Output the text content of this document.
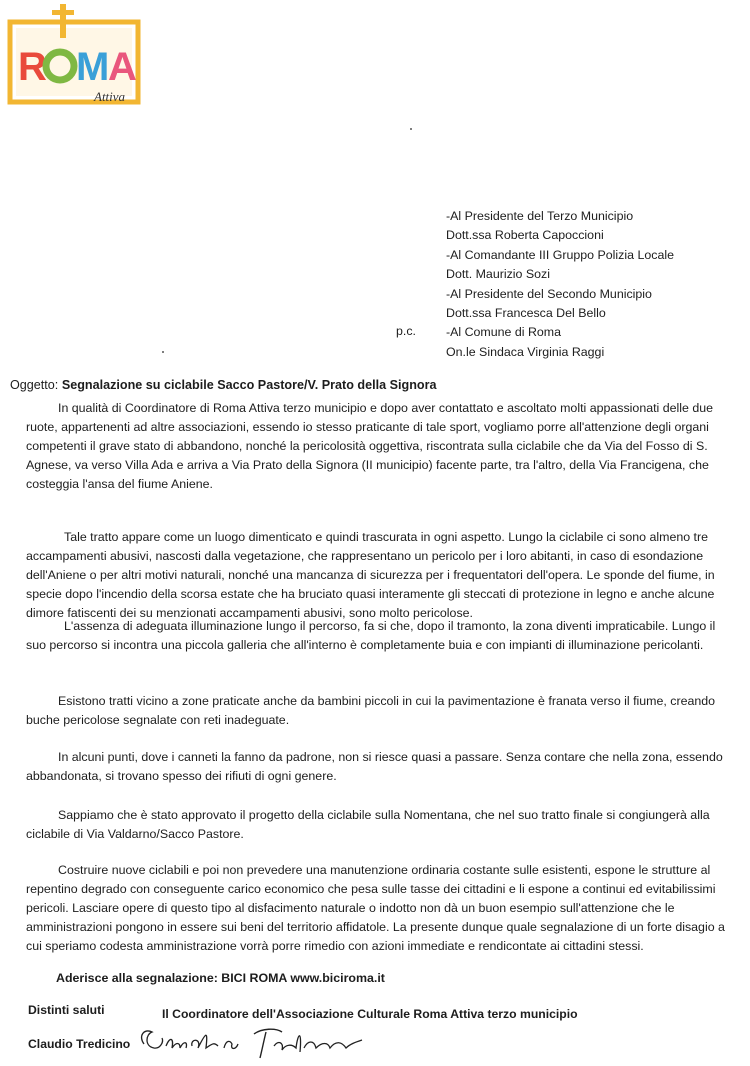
R M
A
Attiva
-Al Presidente del Terzo Municipio
Dott.ssa Roberta Capoccioni
-Al Comandante III Gruppo Polizia Locale
Dott. Maurizio Sozi
-Al Presidente del Secondo Municipio
Dott.ssa Francesca Del Bello
-Al Comune di Roma
On.le Sindaca Virginia Raggi
p.c.
Oggetto: Segnalazione su ciclabile Sacco Pastore/V. Prato della Signora

In qualità di Coordinatore di Roma Attiva terzo municipio e dopo aver contattato e ascoltato molti appassionati delle due ruote, appartenenti ad altre associazioni, essendo io stesso praticante di tale sport, vogliamo porre all'attenzione degli organi competenti il grave stato di abbandono, nonché la pericolosità oggettiva, riscontrata sulla ciclabile che da Via del Fosso di S. Agnese, va verso Villa Ada e arriva a Via Prato della Signora (II municipio) facente parte, tra l'altro, della Via Francigena, che costeggia l'ansa del fiume Aniene.

Tale tratto appare come un luogo dimenticato e quindi trascurata in ogni aspetto. Lungo la ciclabile ci sono almeno tre accampamenti abusivi, nascosti dalla vegetazione, che rappresentano un pericolo per i loro abitanti, in caso di esondazione dell'Aniene o per altri motivi naturali, nonché una mancanza di sicurezza per i frequentatori dell'opera. Le sponde del fiume, in specie dopo l'incendio della scorsa estate che ha bruciato quasi interamente gli steccati di protezione in legno e anche alcune dimore fatiscenti dei su menzionati accampamenti abusivi, sono molto pericolose.

L'assenza di adeguata illuminazione lungo il percorso, fa si che, dopo il tramonto, la zona diventi impraticabile. Lungo il suo percorso si incontra una piccola galleria che all'interno è completamente buia e con impianti di illuminazione pericolanti.

Esistono tratti vicino a zone praticate anche da bambini piccoli in cui la pavimentazione è franata verso il fiume, creando buche pericolose segnalate con reti inadeguate.

In alcuni punti, dove i canneti la fanno da padrone, non si riesce quasi a passare. Senza contare che nella zona, essendo abbandonata, si trovano spesso dei rifiuti di ogni genere.

Sappiamo che è stato approvato il progetto della ciclabile sulla Nomentana, che nel suo tratto finale si congiungerà alla ciclabile di Via Valdarno/Sacco Pastore.

Costruire nuove ciclabili e poi non prevedere una manutenzione ordinaria costante sulle esistenti, espone le strutture al repentino degrado con conseguente carico economico che pesa sulle tasse dei cittadini e li espone a continui ed evitabilissimi pericoli. Lasciare opere di questo tipo al disfacimento naturale o indotto non dà un buon esempio sull'attenzione che le amministrazioni pongono in essere sui beni del territorio affidatole. La presente dunque quale segnalazione di un forte disagio a cui speriamo codesta amministrazione vorrà porre rimedio con azioni immediate e rendicontate ai cittadini stessi.

Aderisce alla segnalazione: BICI ROMA www.biciroma.it
Distinti saluti	Il Coordinatore dell'Associazione Culturale Roma Attiva terzo municipio
Claudio Tredicino
